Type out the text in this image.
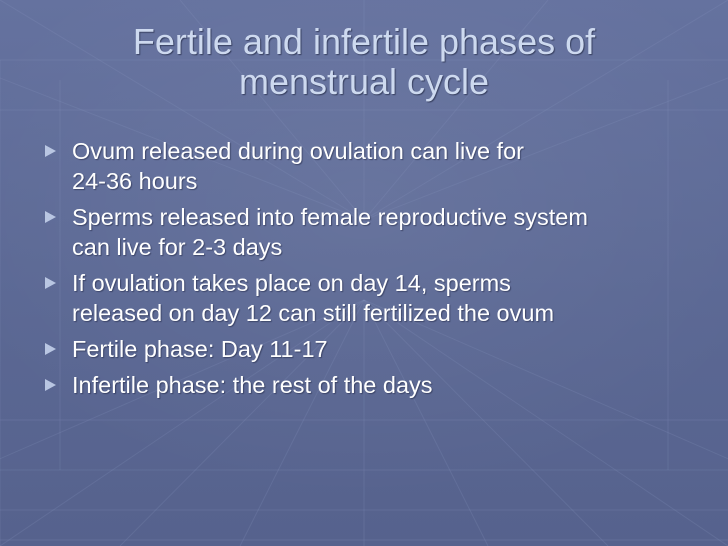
Fertile and infertile phases of
menstrual cycle
Ovum released during ovulation can live for
24-36 hours
Sperms released into female reproductive system
can live for 2-3 days
If ovulation takes place on day 14, sperms
released on day 12 can still fertilized the ovum
Fertile phase: Day 11-17
Infertile phase: the rest of the days
